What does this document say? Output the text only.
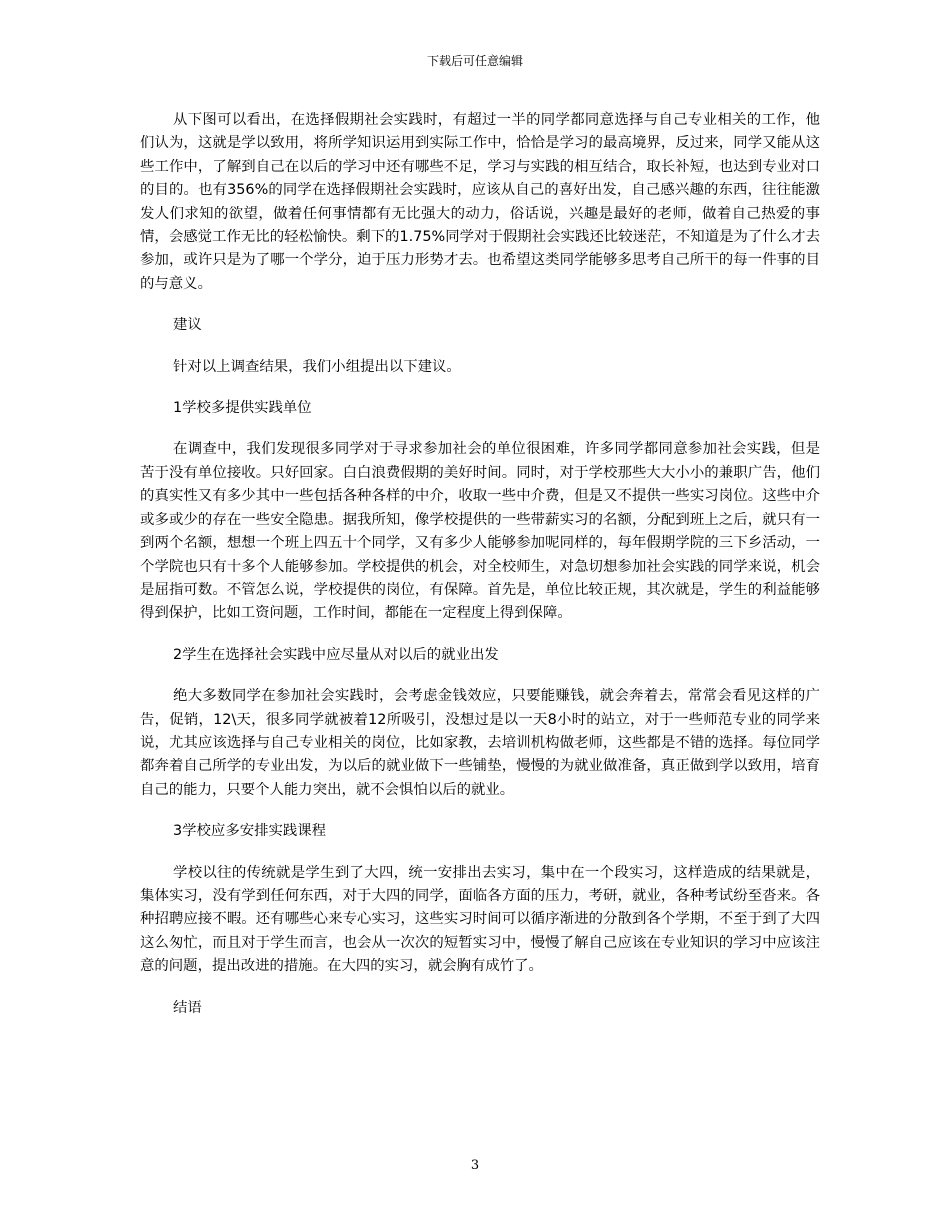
下载后可任意编辑

从下图可以看出，在选择假期社会实践时，有超过一半的同学都同意选择与自己专业相关的工作，他们认为，这就是学以致用，将所学知识运用到实际工作中，恰恰是学习的最高境界，反过来，同学又能从这些工作中，了解到自己在以后的学习中还有哪些不足，学习与实践的相互结合，取长补短，也达到专业对口的目的。也有356%的同学在选择假期社会实践时，应该从自己的喜好出发，自己感兴趣的东西，往往能激发人们求知的欲望，做着任何事情都有无比强大的动力，俗话说，兴趣是最好的老师，做着自己热爱的事情，会感觉工作无比的轻松愉快。剩下的1.75%同学对于假期社会实践还比较迷茫，不知道是为了什么才去参加，或许只是为了哪一个学分，迫于压力形势才去。也希望这类同学能够多思考自己所干的每一件事的目的与意义。

建议

针对以上调查结果，我们小组提出以下建议。

1学校多提供实践单位

在调查中，我们发现很多同学对于寻求参加社会的单位很困难，许多同学都同意参加社会实践，但是苦于没有单位接收。只好回家。白白浪费假期的美好时间。同时，对于学校那些大大小小的兼职广告，他们的真实性又有多少其中一些包括各种各样的中介，收取一些中介费，但是又不提供一些实习岗位。这些中介或多或少的存在一些安全隐患。据我所知，像学校提供的一些带薪实习的名额，分配到班上之后，就只有一到两个名额，想想一个班上四五十个同学，又有多少人能够参加呢同样的，每年假期学院的三下乡活动，一个学院也只有十多个人能够参加。学校提供的机会，对全校师生，对急切想参加社会实践的同学来说，机会是屈指可数。不管怎么说，学校提供的岗位，有保障。首先是，单位比较正规，其次就是，学生的利益能够得到保护，比如工资问题，工作时间，都能在一定程度上得到保障。

2学生在选择社会实践中应尽量从对以后的就业出发

绝大多数同学在参加社会实践时，会考虑金钱效应，只要能赚钱，就会奔着去，常常会看见这样的广告，促销，12\天，很多同学就被着12所吸引，没想过是以一天8小时的站立，对于一些师范专业的同学来说，尤其应该选择与自己专业相关的岗位，比如家教，去培训机构做老师，这些都是不错的选择。每位同学都奔着自己所学的专业出发，为以后的就业做下一些铺垫，慢慢的为就业做准备，真正做到学以致用，培育自己的能力，只要个人能力突出，就不会惧怕以后的就业。

3学校应多安排实践课程

学校以往的传统就是学生到了大四，统一安排出去实习，集中在一个段实习，这样造成的结果就是，集体实习，没有学到任何东西，对于大四的同学，面临各方面的压力，考研，就业，各种考试纷至沓来。各种招聘应接不暇。还有哪些心来专心实习，这些实习时间可以循序渐进的分散到各个学期，不至于到了大四这么匆忙，而且对于学生而言，也会从一次次的短暂实习中，慢慢了解自己应该在专业知识的学习中应该注意的问题，提出改进的措施。在大四的实习，就会胸有成竹了。

结语

3
